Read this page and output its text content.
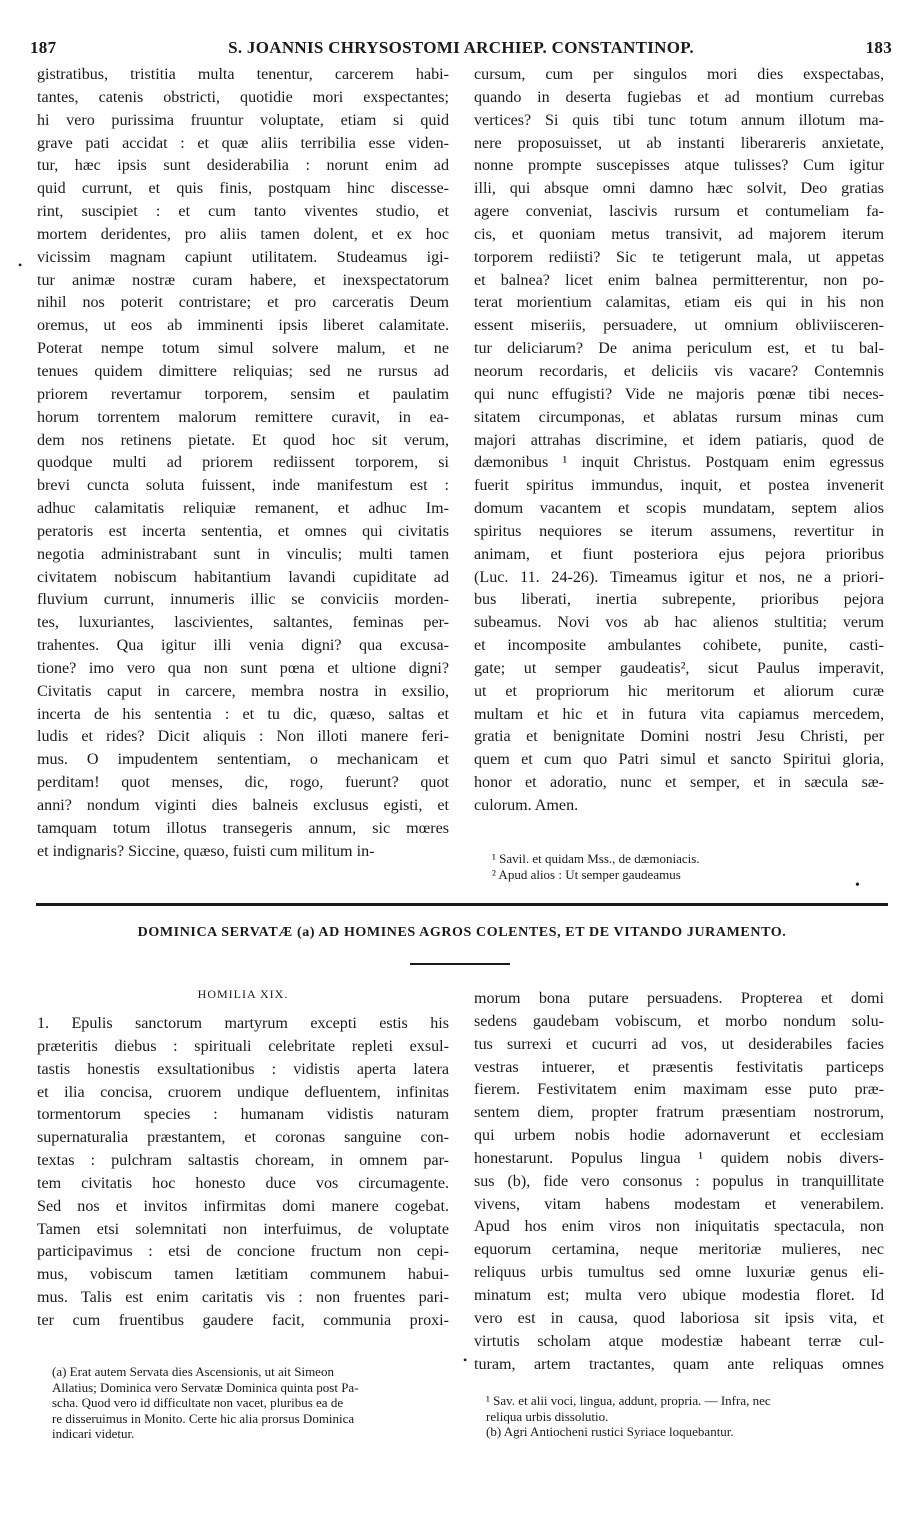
187	S. JOANNIS CHRYSOSTOMI ARCHIEP. CONSTANTINOP.	183
•
gistratibus, tristitia multa tenentur, carcerem habi-
tantes, catenis obstricti, quotidie mori exspectantes;
hi vero purissima fruuntur voluptate, etiam si quid
grave pati accidat : et quæ aliis terribilia esse viden-
tur, hæc ipsis sunt desiderabilia : norunt enim ad
quid currunt, et quis finis, postquam hinc discesse-
rint, suscipiet : et cum tanto viventes studio, et
mortem deridentes, pro aliis tamen dolent, et ex hoc
vicissim magnam capiunt utilitatem. Studeamus igi-
tur animæ nostræ curam habere, et inexspectatorum
nihil nos poterit contristare; et pro carceratis Deum
oremus, ut eos ab imminenti ipsis liberet calamitate.
Poterat nempe totum simul solvere malum, et ne
tenues quidem dimittere reliquias; sed ne rursus ad
priorem revertamur torporem, sensim et paulatim
horum torrentem malorum remittere curavit, in ea-
dem nos retinens pietate. Et quod hoc sit verum,
quodque multi ad priorem rediissent torporem, si
brevi cuncta soluta fuissent, inde manifestum est :
adhuc calamitatis reliquiæ remanent, et adhuc Im-
peratoris est incerta sententia, et omnes qui civitatis
negotia administrabant sunt in vinculis; multi tamen
civitatem nobiscum habitantium lavandi cupiditate ad
fluvium currunt, innumeris illic se conviciis morden-
tes, luxuriantes, lascivientes, saltantes, feminas per-
trahentes. Qua igitur illi venia digni? qua excusa-
tione? imo vero qua non sunt pœna et ultione digni?
Civitatis caput in carcere, membra nostra in exsilio,
incerta de his sententia : et tu dic, quæso, saltas et
ludis et rides? Dicit aliquis : Non illoti manere feri-
mus. O impudentem sententiam, o mechanicam et
perditam! quot menses, dic, rogo, fuerunt? quot
anni? nondum viginti dies balneis exclusus egisti, et
tamquam totum illotus transegeris annum, sic mœres
et indignaris? Siccine, quæso, fuisti cum militum in-
cursum, cum per singulos mori dies exspectabas,
quando in deserta fugiebas et ad montium currebas
vertices? Si quis tibi tunc totum annum illotum ma-
nere proposuisset, ut ab instanti liberareris anxietate,
nonne prompte suscepisses atque tulisses? Cum igitur
illi, qui absque omni damno hæc solvit, Deo gratias
agere conveniat, lascivis rursum et contumeliam fa-
cis, et quoniam metus transivit, ad majorem iterum
torporem rediisti? Sic te tetigerunt mala, ut appetas
et balnea? licet enim balnea permitterentur, non po-
terat morientium calamitas, etiam eis qui in his non
essent miseriis, persuadere, ut omnium obliviisceren-
tur deliciarum? De anima periculum est, et tu bal-
neorum recordaris, et deliciis vis vacare? Contemnis
qui nunc effugisti? Vide ne majoris pœnæ tibi neces-
sitatem circumponas, et ablatas rursum minas cum
majori attrahas discrimine, et idem patiaris, quod de
dæmonibus ¹ inquit Christus. Postquam enim egressus
fuerit spiritus immundus, inquit, et postea invenerit
domum vacantem et scopis mundatam, septem alios
spiritus nequiores se iterum assumens, revertitur in
animam, et fiunt posteriora ejus pejora prioribus
(Luc. 11. 24-26). Timeamus igitur et nos, ne a priori-
bus liberati, inertia subrepente, prioribus pejora
subeamus. Novi vos ab hac alienos stultitia; verum
et incomposite ambulantes cohibete, punite, casti-
gate; ut semper gaudeatis², sicut Paulus imperavit,
ut et propriorum hic meritorum et aliorum curæ
multam et hic et in futura vita capiamus mercedem,
gratia et benignitate Domini nostri Jesu Christi, per
quem et cum quo Patri simul et sancto Spiritui gloria,
honor et adoratio, nunc et semper, et in sæcula sæ-
culorum. Amen.
¹ Savil. et quidam Mss., de dæmoniacis.
² Apud alios : Ut semper gaudeamus
•
DOMINICA SERVATÆ (a) AD HOMINES AGROS COLENTES, ET DE VITANDO JURAMENTO.
HOMILIA XIX.
1. Epulis sanctorum martyrum excepti estis his
præteritis diebus : spirituali celebritate repleti exsul-
tastis honestis exsultationibus : vidistis aperta latera
et ilia concisa, cruorem undique defluentem, infinitas
tormentorum species : humanam vidistis naturam
supernaturalia præstantem, et coronas sanguine con-
textas : pulchram saltastis choream, in omnem par-
tem civitatis hoc honesto duce vos circumagente.
Sed nos et invitos infirmitas domi manere cogebat.
Tamen etsi solemnitati non interfuimus, de voluptate
participavimus : etsi de concione fructum non cepi-
mus, vobiscum tamen lætitiam communem habui-
mus. Talis est enim caritatis vis : non fruentes pari-
ter cum fruentibus gaudere facit, communia proxi-
morum bona putare persuadens. Propterea et domi
sedens gaudebam vobiscum, et morbo nondum solu-
tus surrexi et cucurri ad vos, ut desiderabiles facies
vestras intuerer, et præsentis festivitatis particeps
fierem. Festivitatem enim maximam esse puto præ-
sentem diem, propter fratrum præsentiam nostrorum,
qui urbem nobis hodie adornaverunt et ecclesiam
honestarunt. Populus lingua ¹ quidem nobis divers-
sus (b), fide vero consonus : populus in tranquillitate
vivens, vitam habens modestam et venerabilem.
Apud hos enim viros non iniquitatis spectacula, non
equorum certamina, neque meritoriæ mulieres, nec
reliquus urbis tumultus sed omne luxuriæ genus eli-
minatum est; multa vero ubique modestia floret. Id
vero est in causa, quod laboriosa sit ipsis vita, et
virtutis scholam atque modestiæ habeant terræ cul-
turam, artem tractantes, quam ante reliquas omnes
•
(a) Erat autem Servata dies Ascensionis, ut ait Simeon
Allatius; Dominica vero Servatæ Dominica quinta post Pa-
scha. Quod vero id difficultate non vacet, pluribus ea de
re disseruimus in Monito. Certe hic alia prorsus Dominica
indicari videtur.
¹ Sav. et alii voci, lingua, addunt, propria. — Infra, nec
reliqua urbis dissolutio.
(b) Agri Antiocheni rustici Syriace loquebantur.
